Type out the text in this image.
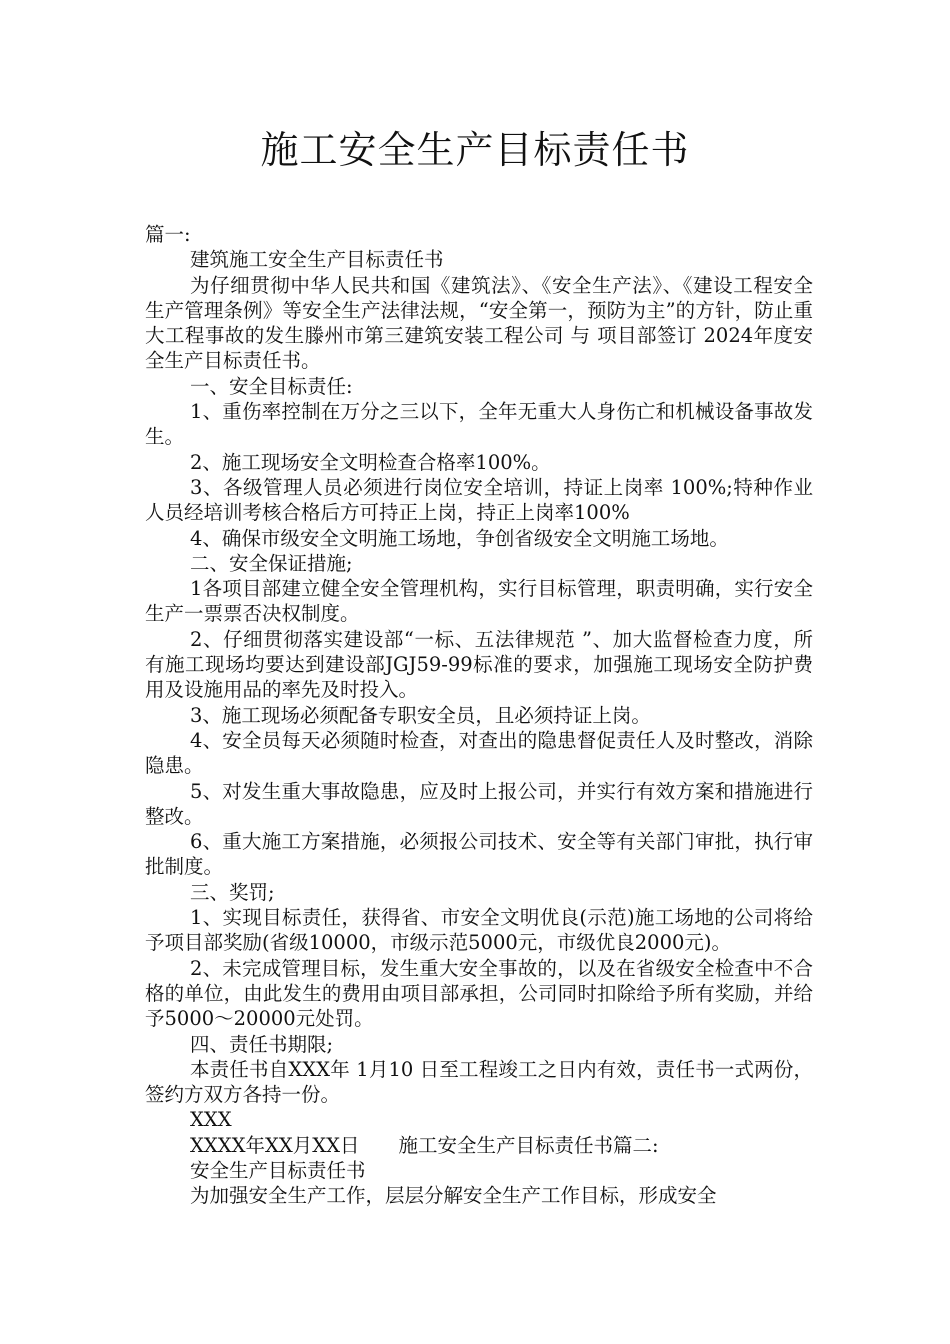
施工安全生产目标责任书

篇一:

建筑施工安全生产目标责任书

为仔细贯彻中华人民共和国《建筑法》、《安全生产法》、《建设工程安全生产管理条例》等安全生产法律法规，“安全第一，预防为主”的方针，防止重大工程事故的发生滕州市第三建筑安装工程公司 与 项目部签订 2024年度安全生产目标责任书。

一、安全目标责任:

1、重伤率控制在万分之三以下，全年无重大人身伤亡和机械设备事故发生。

2、施工现场安全文明检查合格率100%。

3、各级管理人员必须进行岗位安全培训，持证上岗率 100%;特种作业人员经培训考核合格后方可持正上岗，持正上岗率100%

4、确保市级安全文明施工场地，争创省级安全文明施工场地。

二、安全保证措施;

1各项目部建立健全安全管理机构，实行目标管理，职责明确，实行安全生产一票票否决权制度。

2、仔细贯彻落实建设部“一标、五法律规范 ”、加大监督检查力度，所有施工现场均要达到建设部JGJ59-99标准的要求，加强施工现场安全防护费用及设施用品的率先及时投入。

3、施工现场必须配备专职安全员，且必须持证上岗。

4、安全员每天必须随时检查，对查出的隐患督促责任人及时整改，消除隐患。

5、对发生重大事故隐患，应及时上报公司，并实行有效方案和措施进行整改。

6、重大施工方案措施，必须报公司技术、安全等有关部门审批，执行审批制度。

三、奖罚;

1、实现目标责任，获得省、市安全文明优良(示范)施工场地的公司将给予项目部奖励(省级10000，市级示范5000元，市级优良2000元)。

2、未完成管理目标，发生重大安全事故的，以及在省级安全检查中不合格的单位，由此发生的费用由项目部承担，公司同时扣除给予所有奖励，并给予5000～20000元处罚。

四、责任书期限;

本责任书自XXX年 1月10 日至工程竣工之日内有效，责任书一式两份，签约方双方各持一份。

XXX

XXXX年XX月XX日　　施工安全生产目标责任书篇二:

安全生产目标责任书

为加强安全生产工作，层层分解安全生产工作目标，形成安全
